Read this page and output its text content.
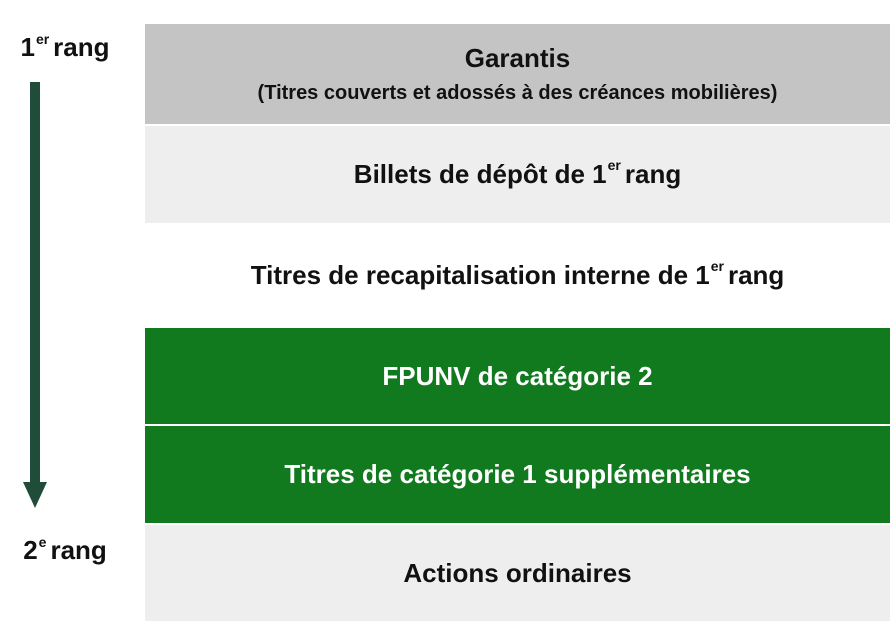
1er rang
2e rang
Garantis
(Titres couverts et adossés à des créances mobilières)
Billets de dépôt de 1er rang
Titres de recapitalisation interne de 1er rang
FPUNV de catégorie 2
Titres de catégorie 1 supplémentaires
Actions ordinaires
